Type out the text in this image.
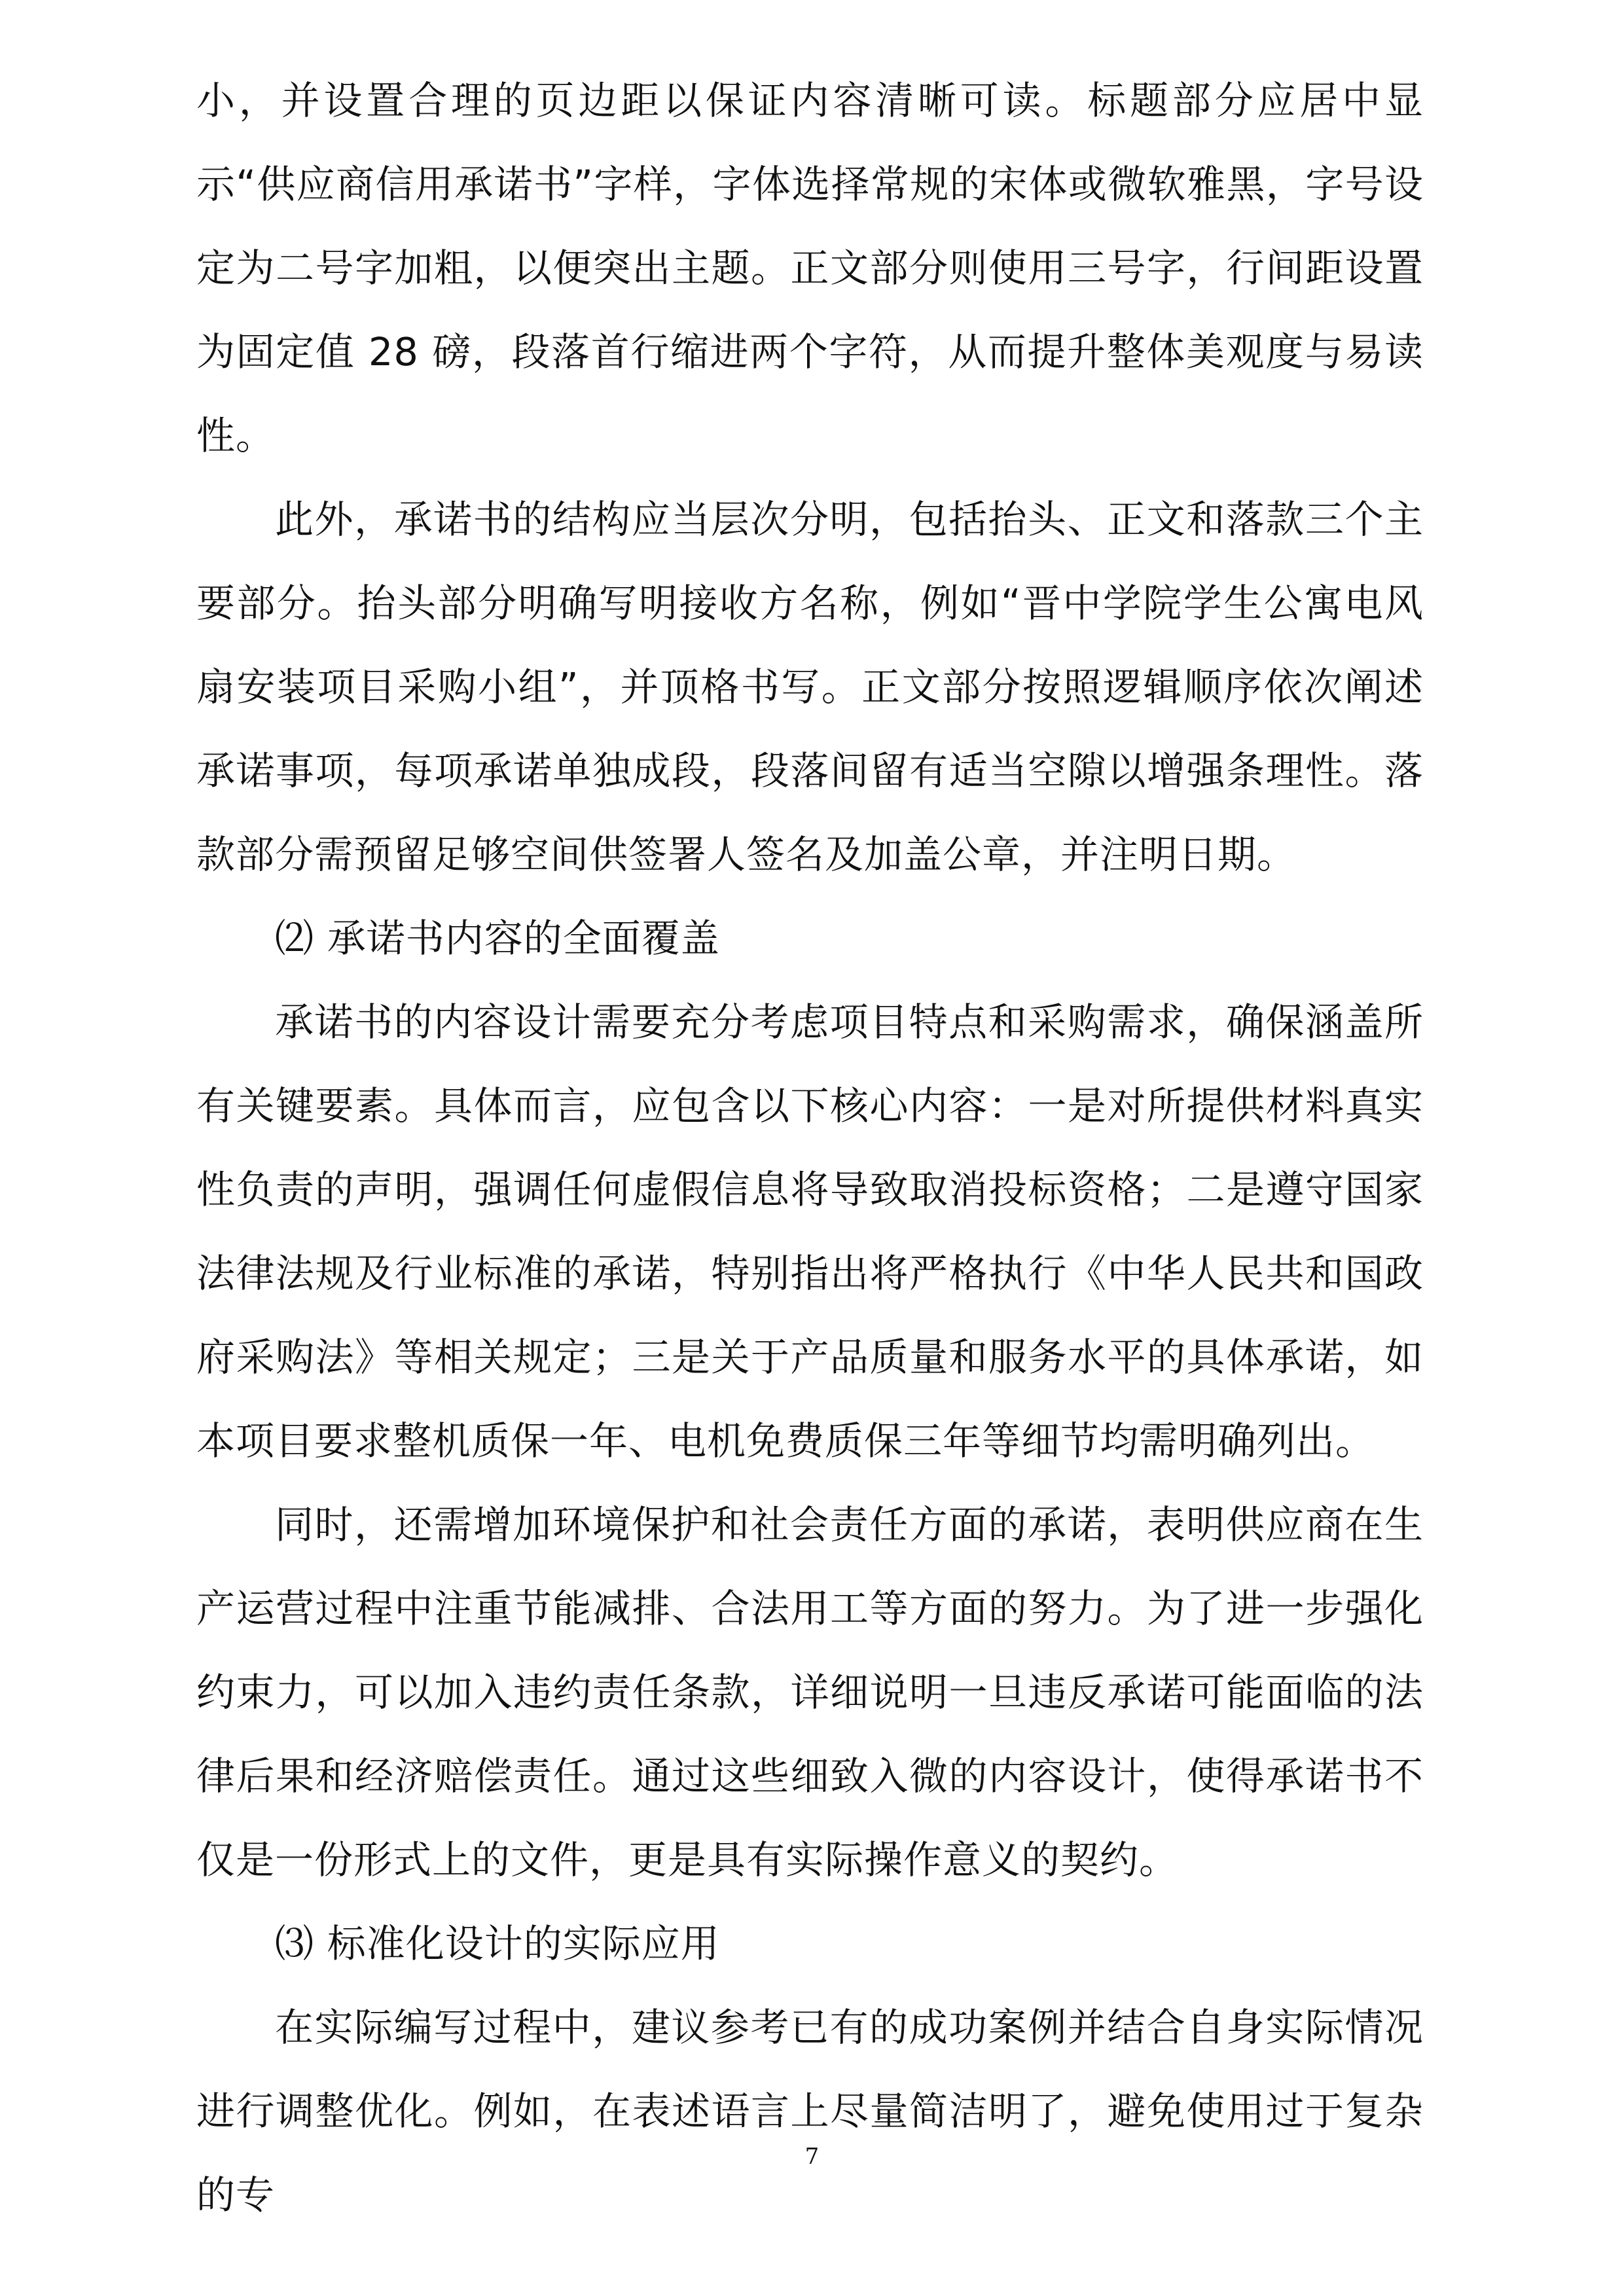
小，并设置合理的页边距以保证内容清晰可读。标题部分应居中显示“供应商信用承诺书”字样，字体选择常规的宋体或微软雅黑，字号设定为二号字加粗，以便突出主题。正文部分则使用三号字，行间距设置为固定值 28 磅，段落首行缩进两个字符，从而提升整体美观度与易读性。

此外，承诺书的结构应当层次分明，包括抬头、正文和落款三个主要部分。抬头部分明确写明接收方名称，例如“晋中学院学生公寓电风扇安装项目采购小组”，并顶格书写。正文部分按照逻辑顺序依次阐述承诺事项，每项承诺单独成段，段落间留有适当空隙以增强条理性。落款部分需预留足够空间供签署人签名及加盖公章，并注明日期。

⑵ 承诺书内容的全面覆盖

承诺书的内容设计需要充分考虑项目特点和采购需求，确保涵盖所有关键要素。具体而言，应包含以下核心内容：一是对所提供材料真实性负责的声明，强调任何虚假信息将导致取消投标资格；二是遵守国家法律法规及行业标准的承诺，特别指出将严格执行《中华人民共和国政府采购法》等相关规定；三是关于产品质量和服务水平的具体承诺，如本项目要求整机质保一年、电机免费质保三年等细节均需明确列出。

同时，还需增加环境保护和社会责任方面的承诺，表明供应商在生产运营过程中注重节能减排、合法用工等方面的努力。为了进一步强化约束力，可以加入违约责任条款，详细说明一旦违反承诺可能面临的法律后果和经济赔偿责任。通过这些细致入微的内容设计，使得承诺书不仅是一份形式上的文件，更是具有实际操作意义的契约。

⑶ 标准化设计的实际应用

在实际编写过程中，建议参考已有的成功案例并结合自身实际情况进行调整优化。例如，在表述语言上尽量简洁明了，避免使用过于复杂的专

7
